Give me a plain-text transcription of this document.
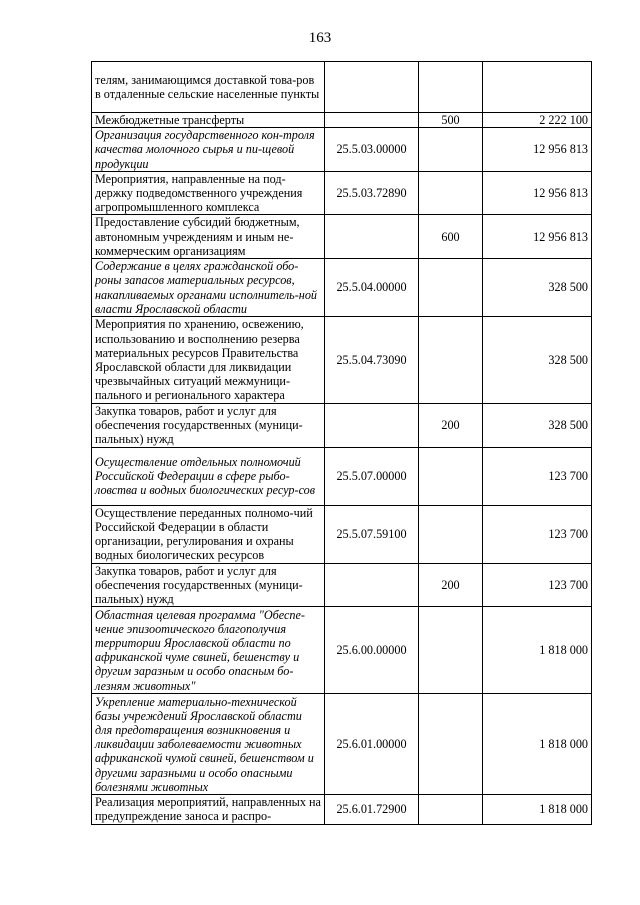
163
телям, занимающимся доставкой това-ров в отдаленные сельские населенные пункты			
Межбюджетные трансферты		500	2 222 100
Организация государственного кон-троля качества молочного сырья и пи-щевой продукции	25.5.03.00000		12 956 813
Мероприятия, направленные на под-держку подведомственного учреждения агропромышленного комплекса	25.5.03.72890		12 956 813
Предоставление субсидий бюджетным, автономным учреждениям и иным не-коммерческим организациям		600	12 956 813
Содержание в целях гражданской обо-роны запасов материальных ресурсов, накапливаемых органами исполнитель-ной власти Ярославской области	25.5.04.00000		328 500
Мероприятия по хранению, освежению, использованию и восполнению резерва материальных ресурсов Правительства Ярославской области для ликвидации чрезвычайных ситуаций межмуници-пального и регионального характера	25.5.04.73090		328 500
Закупка товаров, работ и услуг для обеспечения государственных (муници-пальных) нужд		200	328 500
Осуществление отдельных полномочий Российской Федерации в сфере рыбо-ловства и водных биологических ресур-сов	25.5.07.00000		123 700
Осуществление переданных полномо-чий Российской Федерации в области организации, регулирования и охраны водных биологических ресурсов	25.5.07.59100		123 700
Закупка товаров, работ и услуг для обеспечения государственных (муници-пальных) нужд		200	123 700
Областная целевая программа "Обеспе-чение эпизоотического благополучия территории Ярославской области по африканской чуме свиней, бешенству и другим заразным и особо опасным бо-лезням животных"	25.6.00.00000		1 818 000
Укрепление материально-технической базы учреждений Ярославской области для предотвращения возникновения и ликвидации заболеваемости животных африканской чумой свиней, бешенством и другими заразными и особо опасными болезнями животных	25.6.01.00000		1 818 000
Реализация мероприятий, направленных на предупреждение заноса и распро-	25.6.01.72900		1 818 000
